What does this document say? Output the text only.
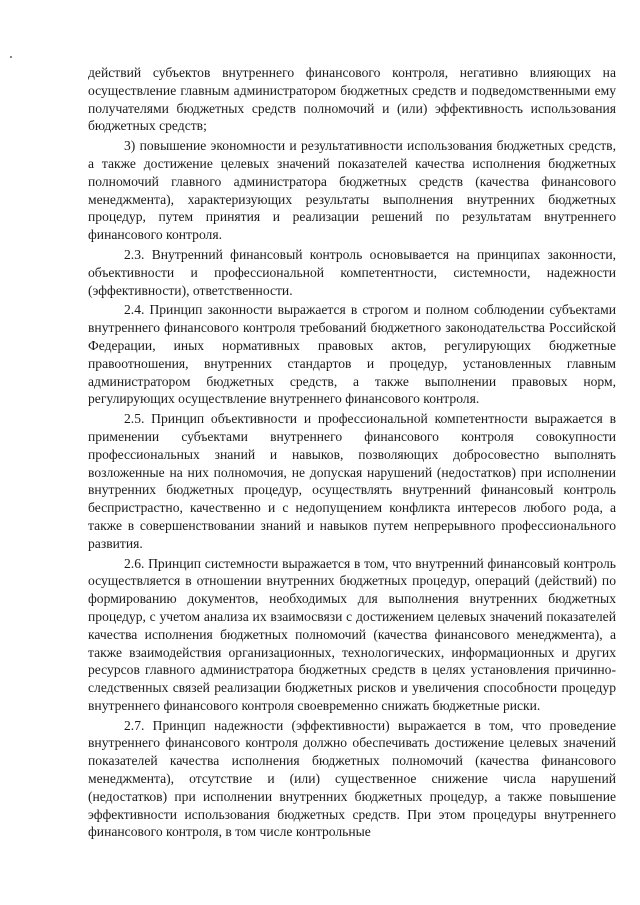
действий субъектов внутреннего финансового контроля, негативно влияющих на осуществление главным администратором бюджетных средств и подведомственными ему получателями бюджетных средств полномочий и (или) эффективность использования бюджетных средств;

3) повышение экономности и результативности использования бюджетных средств, а также достижение целевых значений показателей качества исполнения бюджетных полномочий главного администратора бюджетных средств (качества финансового менеджмента), характеризующих результаты выполнения внутренних бюджетных процедур, путем принятия и реализации решений по результатам внутреннего финансового контроля.

2.3. Внутренний финансовый контроль основывается на принципах законности, объективности и профессиональной компетентности, системности, надежности (эффективности), ответственности.

2.4. Принцип законности выражается в строгом и полном соблюдении субъектами внутреннего финансового контроля требований бюджетного законодательства Российской Федерации, иных нормативных правовых актов, регулирующих бюджетные правоотношения, внутренних стандартов и процедур, установленных главным администратором бюджетных средств, а также выполнении правовых норм, регулирующих осуществление внутреннего финансового контроля.

2.5. Принцип объективности и профессиональной компетентности выражается в применении субъектами внутреннего финансового контроля совокупности профессиональных знаний и навыков, позволяющих добросовестно выполнять возложенные на них полномочия, не допуская нарушений (недостатков) при исполнении внутренних бюджетных процедур, осуществлять внутренний финансовый контроль беспристрастно, качественно и с недопущением конфликта интересов любого рода, а также в совершенствовании знаний и навыков путем непрерывного профессионального развития.

2.6. Принцип системности выражается в том, что внутренний финансовый контроль осуществляется в отношении внутренних бюджетных процедур, операций (действий) по формированию документов, необходимых для выполнения внутренних бюджетных процедур, с учетом анализа их взаимосвязи с достижением целевых значений показателей качества исполнения бюджетных полномочий (качества финансового менеджмента), а также взаимодействия организационных, технологических, информационных и других ресурсов главного администратора бюджетных средств в целях установления причинно-следственных связей реализации бюджетных рисков и увеличения способности процедур внутреннего финансового контроля своевременно снижать бюджетные риски.

2.7. Принцип надежности (эффективности) выражается в том, что проведение внутреннего финансового контроля должно обеспечивать достижение целевых значений показателей качества исполнения бюджетных полномочий (качества финансового менеджмента), отсутствие и (или) существенное снижение числа нарушений (недостатков) при исполнении внутренних бюджетных процедур, а также повышение эффективности использования бюджетных средств. При этом процедуры внутреннего финансового контроля, в том числе контрольные
